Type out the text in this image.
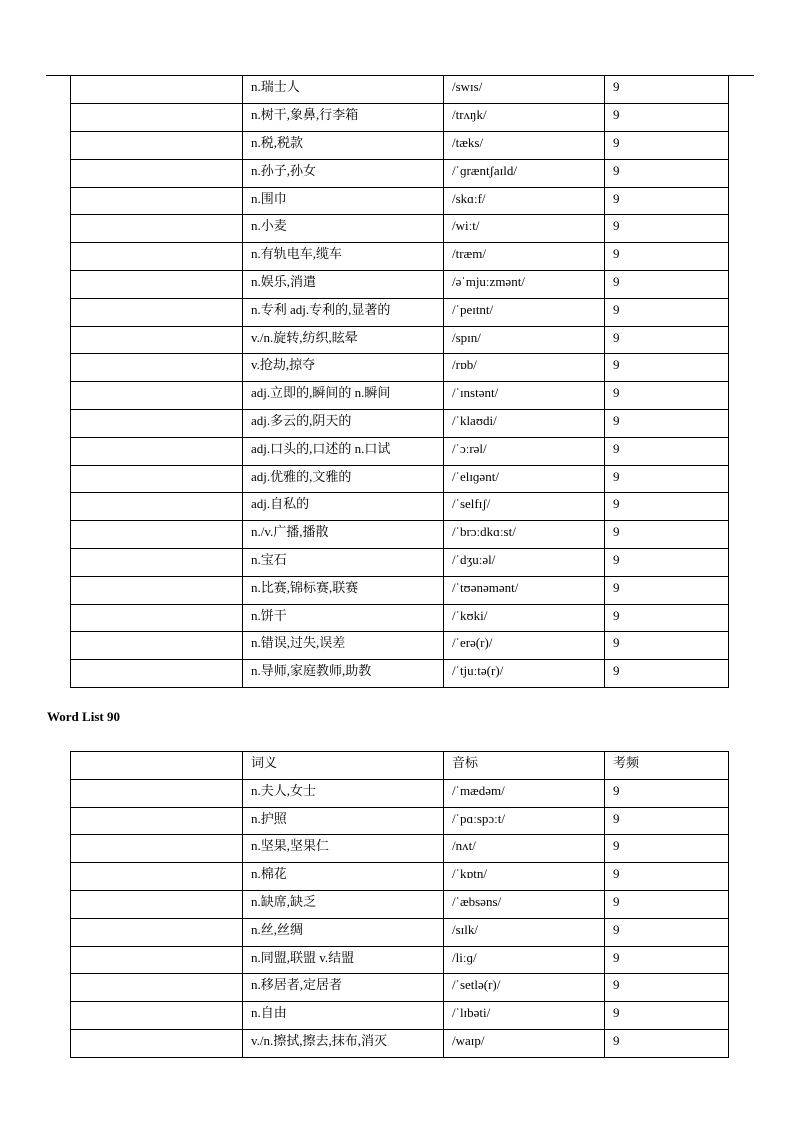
	n.瑞士人	/swɪs/	9
	n.树干,象鼻,行李箱	/trʌŋk/	9
	n.税,税款	/tæks/	9
	n.孙子,孙女	/ˈɡræntʃaɪld/	9
	n.围巾	/skɑːf/	9
	n.小麦	/wiːt/	9
	n.有轨电车,缆车	/træm/	9
	n.娱乐,消遣	/əˈmjuːzmənt/	9
	n.专利 adj.专利的,显著的	/ˈpeɪtnt/	9
	v./n.旋转,纺织,眩晕	/spɪn/	9
	v.抢劫,掠夺	/rɒb/	9
	adj.立即的,瞬间的 n.瞬间	/ˈɪnstənt/	9
	adj.多云的,阴天的	/ˈklaʊdi/	9
	adj.口头的,口述的 n.口试	/ˈɔːrəl/	9
	adj.优雅的,文雅的	/ˈelɪɡənt/	9
	adj.自私的	/ˈselfɪʃ/	9
	n./v.广播,播散	/ˈbrɔːdkɑːst/	9
	n.宝石	/ˈdʒuːəl/	9
	n.比赛,锦标赛,联赛	/ˈtʊənəmənt/	9
	n.饼干	/ˈkʊki/	9
	n.错误,过失,误差	/ˈerə(r)/	9
	n.导师,家庭教师,助教	/ˈtjuːtə(r)/	9
Word List 90
	词义	音标	考频
	n.夫人,女士	/ˈmædəm/	9
	n.护照	/ˈpɑːspɔːt/	9
	n.坚果,坚果仁	/nʌt/	9
	n.棉花	/ˈkɒtn/	9
	n.缺席,缺乏	/ˈæbsəns/	9
	n.丝,丝绸	/sɪlk/	9
	n.同盟,联盟 v.结盟	/liːɡ/	9
	n.移居者,定居者	/ˈsetlə(r)/	9
	n.自由	/ˈlɪbəti/	9
	v./n.擦拭,擦去,抹布,消灭	/waɪp/	9
